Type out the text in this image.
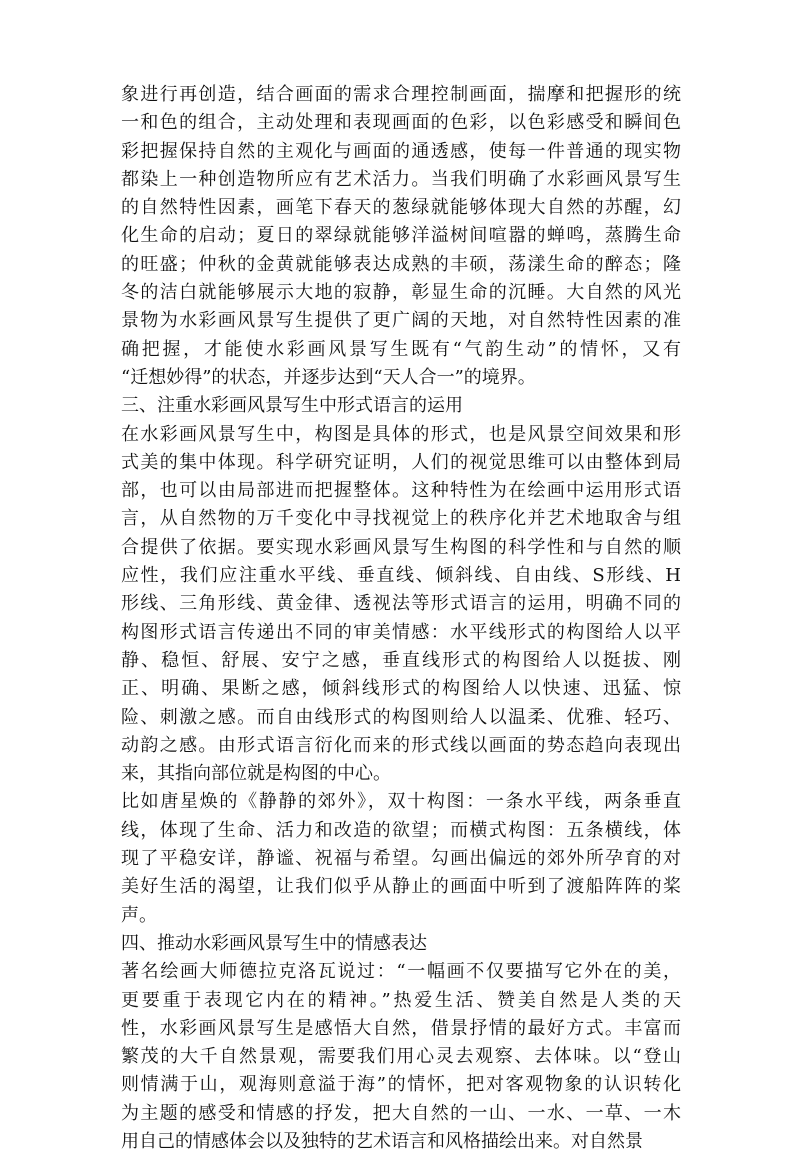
象进行再创造，结合画面的需求合理控制画面，揣摩和把握形的统
一和色的组合，主动处理和表现画面的色彩，以色彩感受和瞬间色
彩把握保持自然的主观化与画面的通透感，使每一件普通的现实物
都染上一种创造物所应有艺术活力。当我们明确了水彩画风景写生
的自然特性因素，画笔下春天的葱绿就能够体现大自然的苏醒，幻
化生命的启动；夏日的翠绿就能够洋溢树间喧嚣的蝉鸣，蒸腾生命
的旺盛；仲秋的金黄就能够表达成熟的丰硕，荡漾生命的醉态；隆
冬的洁白就能够展示大地的寂静，彰显生命的沉睡。大自然的风光
景物为水彩画风景写生提供了更广阔的天地，对自然特性因素的准
确把握，才能使水彩画风景写生既有“气韵生动”的情怀，又有
“迁想妙得”的状态，并逐步达到“天人合一”的境界。
三、注重水彩画风景写生中形式语言的运用
在水彩画风景写生中，构图是具体的形式，也是风景空间效果和形
式美的集中体现。科学研究证明，人们的视觉思维可以由整体到局
部，也可以由局部进而把握整体。这种特性为在绘画中运用形式语
言，从自然物的万千变化中寻找视觉上的秩序化并艺术地取舍与组
合提供了依据。要实现水彩画风景写生构图的科学性和与自然的顺
应性，我们应注重水平线、垂直线、倾斜线、自由线、S形线、H
形线、三角形线、黄金律、透视法等形式语言的运用，明确不同的
构图形式语言传递出不同的审美情感：水平线形式的构图给人以平
静、稳恒、舒展、安宁之感，垂直线形式的构图给人以挺拔、刚
正、明确、果断之感，倾斜线形式的构图给人以快速、迅猛、惊
险、刺激之感。而自由线形式的构图则给人以温柔、优雅、轻巧、
动韵之感。由形式语言衍化而来的形式线以画面的势态趋向表现出
来，其指向部位就是构图的中心。
比如唐星焕的《静静的郊外》，双十构图：一条水平线，两条垂直
线，体现了生命、活力和改造的欲望；而横式构图：五条横线，体
现了平稳安详，静谧、祝福与希望。勾画出偏远的郊外所孕育的对
美好生活的渴望，让我们似乎从静止的画面中听到了渡船阵阵的桨
声。
四、推动水彩画风景写生中的情感表达
著名绘画大师德拉克洛瓦说过：“一幅画不仅要描写它外在的美，
更要重于表现它内在的精神。”热爱生活、赞美自然是人类的天
性，水彩画风景写生是感悟大自然，借景抒情的最好方式。丰富而
繁茂的大千自然景观，需要我们用心灵去观察、去体味。以“登山
则情满于山，观海则意溢于海”的情怀，把对客观物象的认识转化
为主题的感受和情感的抒发，把大自然的一山、一水、一草、一木
用自己的情感体会以及独特的艺术语言和风格描绘出来。对自然景
